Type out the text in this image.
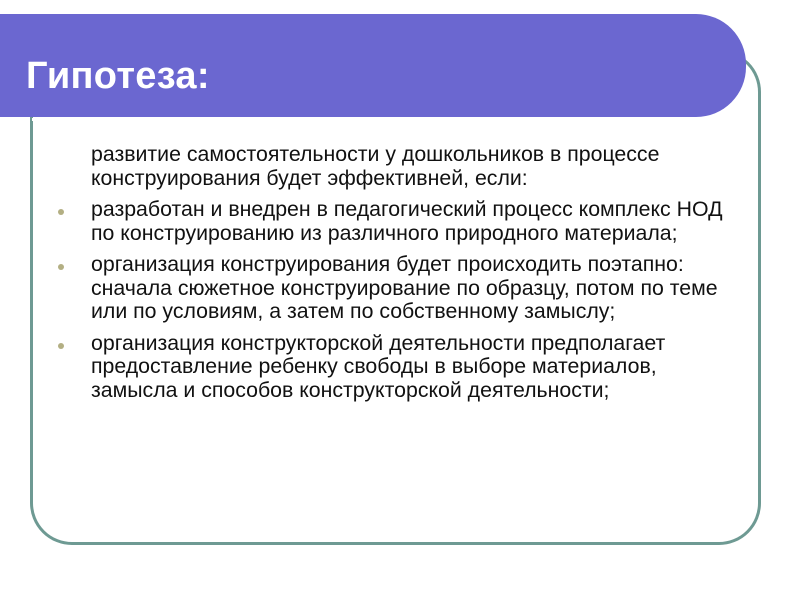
Гипотеза:
развитие самостоятельности у дошкольников в процессе конструирования будет эффективней, если:
разработан и внедрен в педагогический процесс комплекс НОД по конструированию из различного природного материала;
организация конструирования будет происходить поэтапно: сначала сюжетное конструирование по образцу, потом по теме или по условиям, а затем по собственному замыслу;
организация конструкторской деятельности предполагает предоставление ребенку свободы в выборе материалов, замысла и способов конструкторской деятельности;
